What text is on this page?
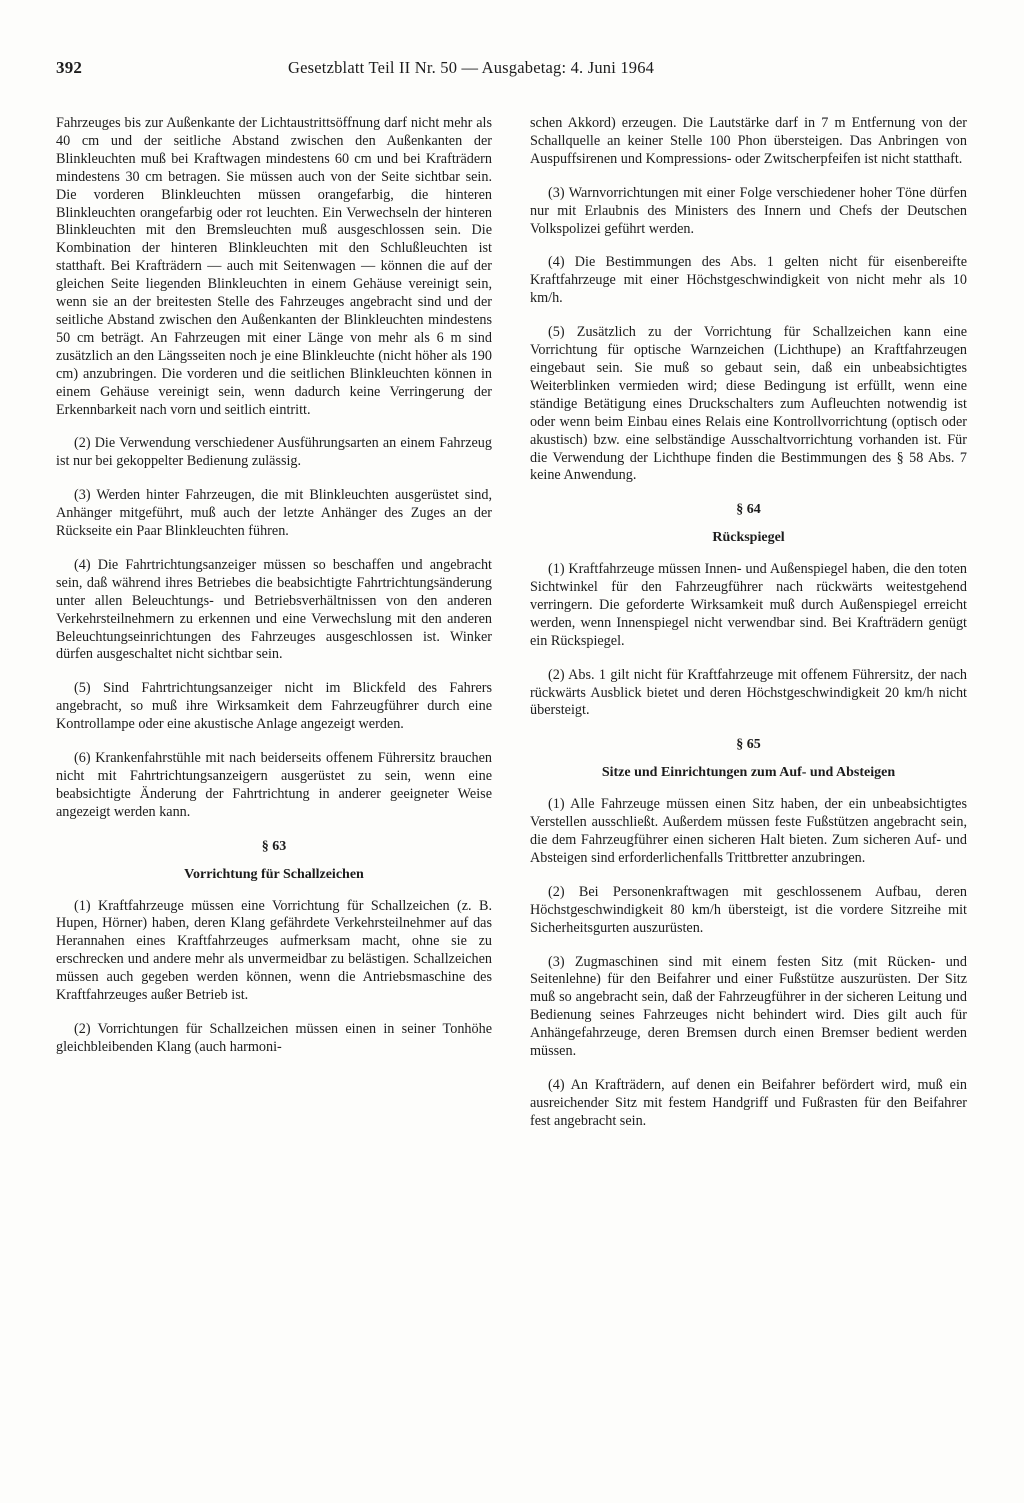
392	Gesetzblatt Teil II Nr. 50 — Ausgabetag: 4. Juni 1964

Fahrzeuges bis zur Außenkante der Lichtaustrittsöffnung darf nicht mehr als 40 cm und der seitliche Abstand zwischen den Außenkanten der Blinkleuchten muß bei Kraftwagen mindestens 60 cm und bei Krafträdern mindestens 30 cm betragen. Sie müssen auch von der Seite sichtbar sein. Die vorderen Blinkleuchten müssen orangefarbig, die hinteren Blinkleuchten orangefarbig oder rot leuchten. Ein Verwechseln der hinteren Blinkleuchten mit den Bremsleuchten muß ausgeschlossen sein. Die Kombination der hinteren Blinkleuchten mit den Schlußleuchten ist statthaft. Bei Krafträdern — auch mit Seitenwagen — können die auf der gleichen Seite liegenden Blinkleuchten in einem Gehäuse vereinigt sein, wenn sie an der breitesten Stelle des Fahrzeuges angebracht sind und der seitliche Abstand zwischen den Außenkanten der Blinkleuchten mindestens 50 cm beträgt. An Fahrzeugen mit einer Länge von mehr als 6 m sind zusätzlich an den Längsseiten noch je eine Blinkleuchte (nicht höher als 190 cm) anzubringen. Die vorderen und die seitlichen Blinkleuchten können in einem Gehäuse vereinigt sein, wenn dadurch keine Verringerung der Erkennbarkeit nach vorn und seitlich eintritt.

(2) Die Verwendung verschiedener Ausführungsarten an einem Fahrzeug ist nur bei gekoppelter Bedienung zulässig.

(3) Werden hinter Fahrzeugen, die mit Blinkleuchten ausgerüstet sind, Anhänger mitgeführt, muß auch der letzte Anhänger des Zuges an der Rückseite ein Paar Blinkleuchten führen.

(4) Die Fahrtrichtungsanzeiger müssen so beschaffen und angebracht sein, daß während ihres Betriebes die beabsichtigte Fahrtrichtungsänderung unter allen Beleuchtungs- und Betriebsverhältnissen von den anderen Verkehrsteilnehmern zu erkennen und eine Verwechslung mit den anderen Beleuchtungseinrichtungen des Fahrzeuges ausgeschlossen ist. Winker dürfen ausgeschaltet nicht sichtbar sein.

(5) Sind Fahrtrichtungsanzeiger nicht im Blickfeld des Fahrers angebracht, so muß ihre Wirksamkeit dem Fahrzeugführer durch eine Kontrollampe oder eine akustische Anlage angezeigt werden.

(6) Krankenfahrstühle mit nach beiderseits offenem Führersitz brauchen nicht mit Fahrtrichtungsanzeigern ausgerüstet zu sein, wenn eine beabsichtigte Änderung der Fahrtrichtung in anderer geeigneter Weise angezeigt werden kann.

§ 63
Vorrichtung für Schallzeichen

(1) Kraftfahrzeuge müssen eine Vorrichtung für Schallzeichen (z. B. Hupen, Hörner) haben, deren Klang gefährdete Verkehrsteilnehmer auf das Herannahen eines Kraftfahrzeuges aufmerksam macht, ohne sie zu erschrecken und andere mehr als unvermeidbar zu belästigen. Schallzeichen müssen auch gegeben werden können, wenn die Antriebsmaschine des Kraftfahrzeuges außer Betrieb ist.

(2) Vorrichtungen für Schallzeichen müssen einen in seiner Tonhöhe gleichbleibenden Klang (auch harmoni-

schen Akkord) erzeugen. Die Lautstärke darf in 7 m Entfernung von der Schallquelle an keiner Stelle 100 Phon übersteigen. Das Anbringen von Auspuffsirenen und Kompressions- oder Zwitscherpfeifen ist nicht statthaft.

(3) Warnvorrichtungen mit einer Folge verschiedener hoher Töne dürfen nur mit Erlaubnis des Ministers des Innern und Chefs der Deutschen Volkspolizei geführt werden.

(4) Die Bestimmungen des Abs. 1 gelten nicht für eisenbereifte Kraftfahrzeuge mit einer Höchstgeschwindigkeit von nicht mehr als 10 km/h.

(5) Zusätzlich zu der Vorrichtung für Schallzeichen kann eine Vorrichtung für optische Warnzeichen (Lichthupe) an Kraftfahrzeugen eingebaut sein. Sie muß so gebaut sein, daß ein unbeabsichtigtes Weiterblinken vermieden wird; diese Bedingung ist erfüllt, wenn eine ständige Betätigung eines Druckschalters zum Aufleuchten notwendig ist oder wenn beim Einbau eines Relais eine Kontrollvorrichtung (optisch oder akustisch) bzw. eine selbständige Ausschaltvorrichtung vorhanden ist. Für die Verwendung der Lichthupe finden die Bestimmungen des § 58 Abs. 7 keine Anwendung.

§ 64
Rückspiegel

(1) Kraftfahrzeuge müssen Innen- und Außenspiegel haben, die den toten Sichtwinkel für den Fahrzeugführer nach rückwärts weitestgehend verringern. Die geforderte Wirksamkeit muß durch Außenspiegel erreicht werden, wenn Innenspiegel nicht verwendbar sind. Bei Krafträdern genügt ein Rückspiegel.

(2) Abs. 1 gilt nicht für Kraftfahrzeuge mit offenem Führersitz, der nach rückwärts Ausblick bietet und deren Höchstgeschwindigkeit 20 km/h nicht übersteigt.

§ 65
Sitze und Einrichtungen zum Auf- und Absteigen

(1) Alle Fahrzeuge müssen einen Sitz haben, der ein unbeabsichtigtes Verstellen ausschließt. Außerdem müssen feste Fußstützen angebracht sein, die dem Fahrzeugführer einen sicheren Halt bieten. Zum sicheren Auf- und Absteigen sind erforderlichenfalls Trittbretter anzubringen.

(2) Bei Personenkraftwagen mit geschlossenem Aufbau, deren Höchstgeschwindigkeit 80 km/h übersteigt, ist die vordere Sitzreihe mit Sicherheitsgurten auszurüsten.

(3) Zugmaschinen sind mit einem festen Sitz (mit Rücken- und Seitenlehne) für den Beifahrer und einer Fußstütze auszurüsten. Der Sitz muß so angebracht sein, daß der Fahrzeugführer in der sicheren Leitung und Bedienung seines Fahrzeuges nicht behindert wird. Dies gilt auch für Anhängefahrzeuge, deren Bremsen durch einen Bremser bedient werden müssen.

(4) An Krafträdern, auf denen ein Beifahrer befördert wird, muß ein ausreichender Sitz mit festem Handgriff und Fußrasten für den Beifahrer fest angebracht sein.
